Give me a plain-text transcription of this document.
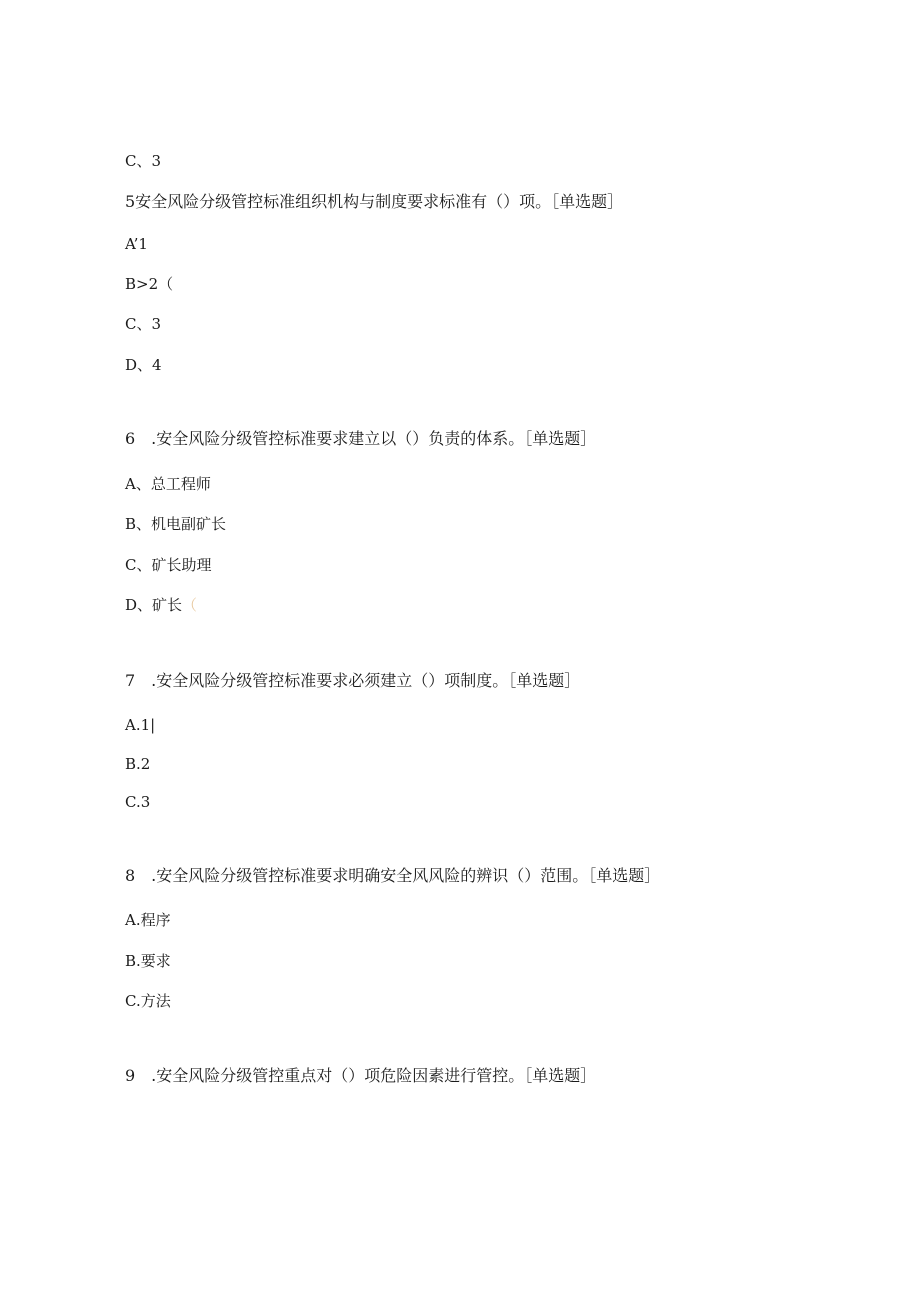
C、3
5安全风险分级管控标准组织机构与制度要求标准有（）项。［单选题］
A’1
B>2（
C、3
D、4
6　.安全风险分级管控标准要求建立以（）负责的体系。［单选题］
A、总工程师
B、机电副矿长
C、矿长助理
D、矿长（
7　.安全风险分级管控标准要求必须建立（）项制度。［单选题］
A.1|
B.2
C.3
8　.安全风险分级管控标准要求明确安全风风险的辨识（）范围。［单选题］
A.程序
B.要求
C.方法
9　.安全风险分级管控重点对（）项危险因素进行管控。［单选题］
